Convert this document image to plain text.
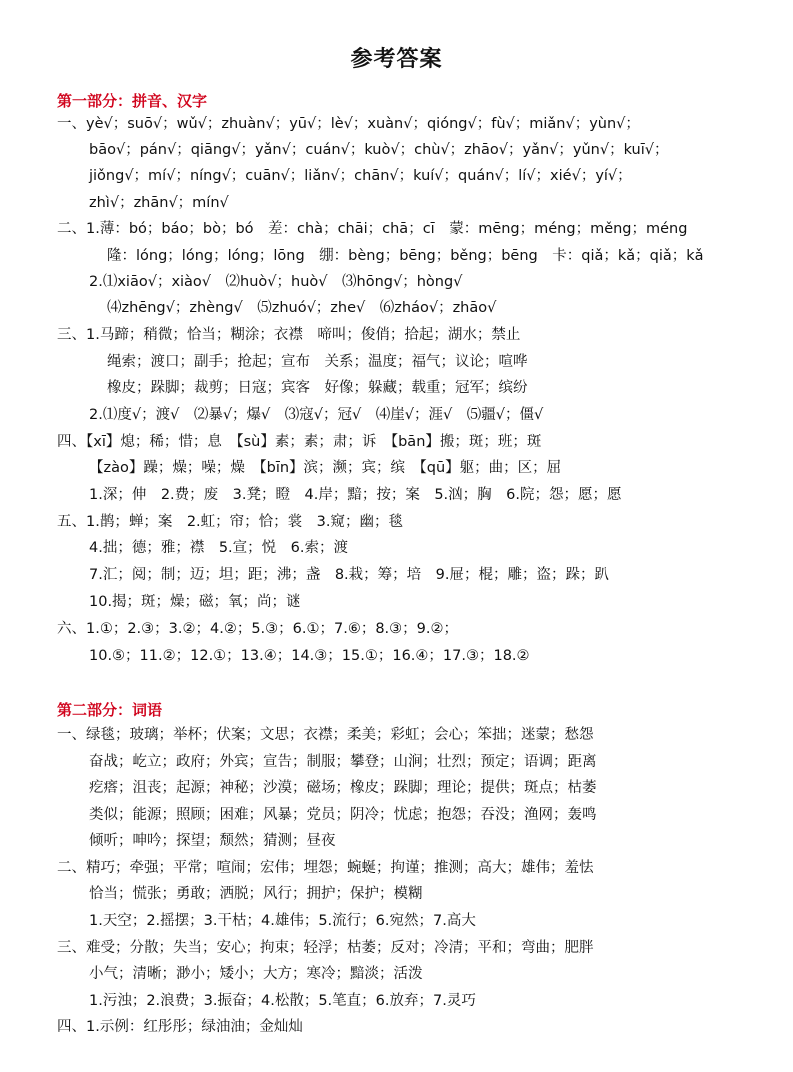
参考答案
第一部分：拼音、汉字
一、yè√；suō√；wǔ√；zhuàn√；yū√；lè√；xuàn√；qióng√；fù√；miǎn√；yùn√；
bāo√；pán√；qiāng√；yǎn√；cuán√；kuò√；chù√；zhāo√；yǎn√；yǔn√；kuī√；
jiǒng√；mí√；níng√；cuān√；liǎn√；chān√；kuí√；quán√；lí√；xié√；yí√；
zhì√；zhān√；mín√
二、1.薄：bó；báo；bò；bó　差：chà；chāi；chā；cī　蒙：mēng；méng；měng；méng
隆：lóng；lóng；lóng；lōng　绷：bèng；bēng；běng；bēng　卡：qiǎ；kǎ；qiǎ；kǎ
2.⑴xiāo√；xiào√　⑵huò√；huò√　⑶hōng√；hòng√
⑷zhēng√；zhèng√　⑸zhuó√；zhe√　⑹zháo√；zhāo√
三、1.马蹄；稍微；恰当；糊涂；衣襟　啼叫；俊俏；拾起；湖水；禁止
绳索；渡口；副手；抢起；宣布　关系；温度；福气；议论；喧哗
橡皮；跺脚；裁剪；日寇；宾客　好像；躲藏；载重；冠军；缤纷
2.⑴度√；渡√　⑵暴√；爆√　⑶寇√；冠√　⑷崖√；涯√　⑸疆√；僵√
四、【xī】熄；稀；惜；息　【sù】素；素；肃；诉　【bān】搬；斑；班；斑
【zào】躁；燥；噪；燥　【bīn】滨；濒；宾；缤　【qū】躯；曲；区；屈
1.深；伸　2.费；废　3.凳；瞪　4.岸；黯；按；案　5.汹；胸　6.院；怨；愿；愿
五、1.鹊；蝉；案　2.虹；帘；恰；裳　3.窥；幽；毯
4.拙；德；雅；襟　5.宣；悦　6.索；渡
7.汇；阅；制；迈；坦；距；沸；盏　8.栽；筹；培　9.屉；棍；雕；盗；跺；趴
10.揭；斑；燥；磁；氧；尚；谜
六、1.①；2.③；3.②；4.②；5.③；6.①；7.⑥；8.③；9.②；
10.⑤；11.②；12.①；13.④；14.③；15.①；16.④；17.③；18.②
第二部分：词语
一、绿毯；玻璃；举杯；伏案；文思；衣襟；柔美；彩虹；会心；笨拙；迷蒙；愁怨
奋战；屹立；政府；外宾；宣告；制服；攀登；山涧；壮烈；预定；语调；距离
疙瘩；沮丧；起源；神秘；沙漠；磁场；橡皮；跺脚；理论；提供；斑点；枯萎
类似；能源；照顾；困难；风暴；党员；阴冷；忧虑；抱怨；吞没；渔网；轰鸣
倾听；呻吟；探望；颓然；猜测；昼夜
二、精巧；牵强；平常；喧闹；宏伟；埋怨；蜿蜒；拘谨；推测；高大；雄伟；羞怯
恰当；慌张；勇敢；洒脱；风行；拥护；保护；模糊
1.天空；2.摇摆；3.干枯；4.雄伟；5.流行；6.宛然；7.高大
三、难受；分散；失当；安心；拘束；轻浮；枯萎；反对；冷清；平和；弯曲；肥胖
小气；清晰；渺小；矮小；大方；寒冷；黯淡；活泼
1.污浊；2.浪费；3.振奋；4.松散；5.笔直；6.放弃；7.灵巧
四、1.示例：红彤彤；绿油油；金灿灿
